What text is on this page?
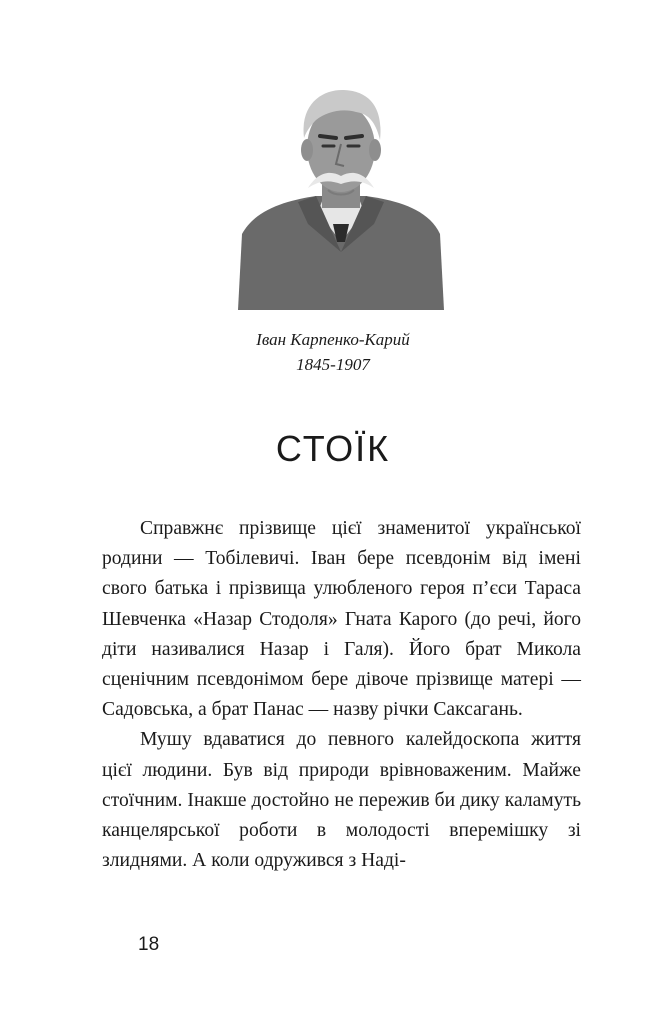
Іван Карпенко-Карий
1845-1907
СТОЇК

Справжнє прізвище цієї знаменитої української родини — Тобілевичі. Іван бере псевдонім від імені свого батька і прізвища улюбленого героя п’єси Тараса Шевченка «Назар Стодоля» Гната Карого (до речі, його діти називалися Назар і Галя). Його брат Микола сценічним псевдонімом бере дівоче прізвище матері — Садовська, а брат Панас — назву річки Саксагань.

Мушу вдаватися до певного калейдоскопа життя цієї людини. Був від природи врівноваженим. Майже стоїчним. Інакше достойно не пережив би дику каламуть канцелярської роботи в молодості вперемішку зі злиднями. А коли одружився з Наді-

18
